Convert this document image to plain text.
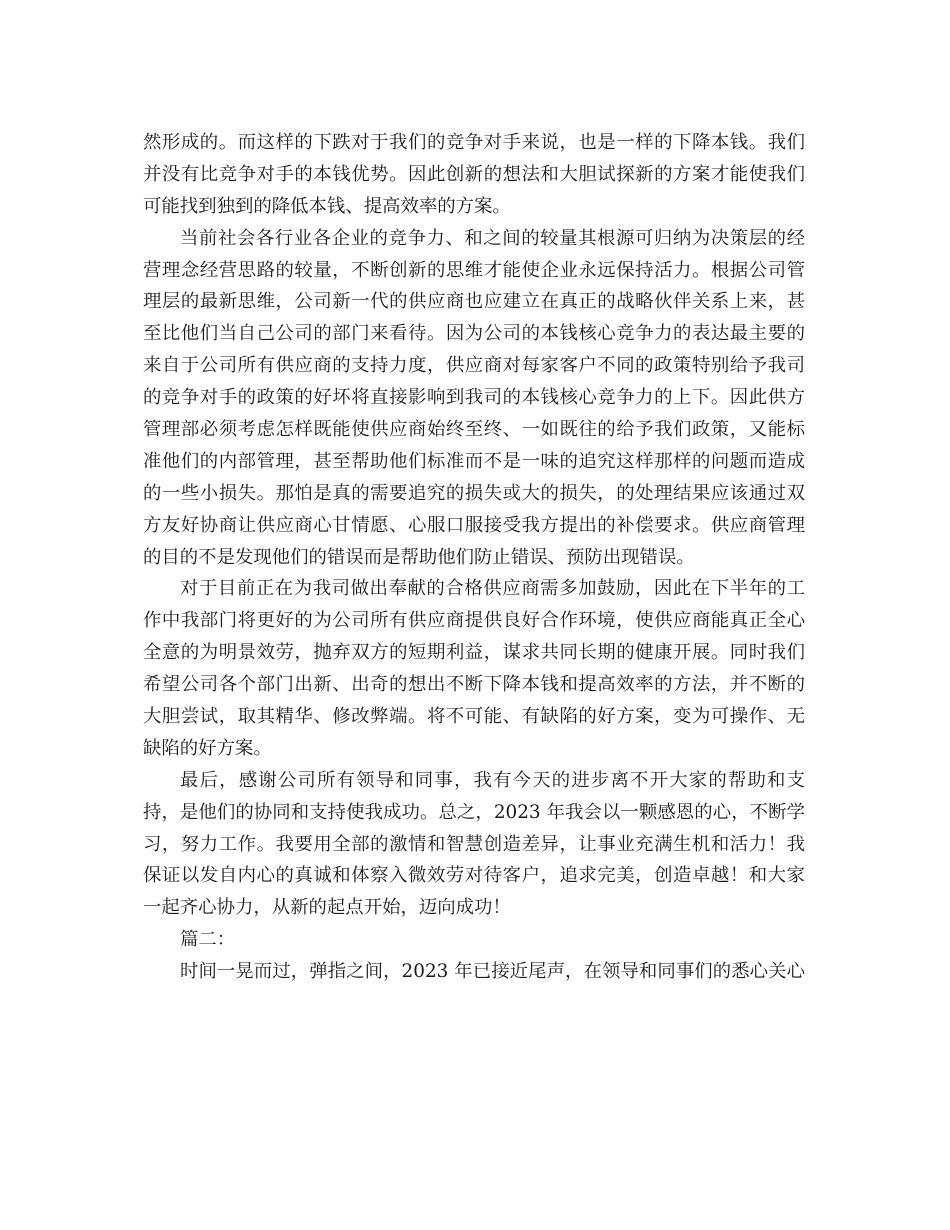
然形成的。而这样的下跌对于我们的竞争对手来说，也是一样的下降本钱。我们
并没有比竞争对手的本钱优势。因此创新的想法和大胆试探新的方案才能使我们
可能找到独到的降低本钱、提高效率的方案。
当前社会各行业各企业的竞争力、和之间的较量其根源可归纳为决策层的经
营理念经营思路的较量，不断创新的思维才能使企业永远保持活力。根据公司管
理层的最新思维，公司新一代的供应商也应建立在真正的战略伙伴关系上来，甚
至比他们当自己公司的部门来看待。因为公司的本钱核心竞争力的表达最主要的
来自于公司所有供应商的支持力度，供应商对每家客户不同的政策特别给予我司
的竞争对手的政策的好坏将直接影响到我司的本钱核心竞争力的上下。因此供方
管理部必须考虑怎样既能使供应商始终至终、一如既往的给予我们政策，又能标
准他们的内部管理，甚至帮助他们标准而不是一味的追究这样那样的问题而造成
的一些小损失。那怕是真的需要追究的损失或大的损失，的处理结果应该通过双
方友好协商让供应商心甘情愿、心服口服接受我方提出的补偿要求。供应商管理
的目的不是发现他们的错误而是帮助他们防止错误、预防出现错误。
对于目前正在为我司做出奉献的合格供应商需多加鼓励，因此在下半年的工
作中我部门将更好的为公司所有供应商提供良好合作环境，使供应商能真正全心
全意的为明景效劳，抛弃双方的短期利益，谋求共同长期的健康开展。同时我们
希望公司各个部门出新、出奇的想出不断下降本钱和提高效率的方法，并不断的
大胆尝试，取其精华、修改弊端。将不可能、有缺陷的好方案，变为可操作、无
缺陷的好方案。
最后，感谢公司所有领导和同事，我有今天的进步离不开大家的帮助和支
持，是他们的协同和支持使我成功。总之，2023 年我会以一颗感恩的心，不断学
习，努力工作。我要用全部的激情和智慧创造差异，让事业充满生机和活力！我
保证以发自内心的真诚和体察入微效劳对待客户，追求完美，创造卓越！和大家
一起齐心协力，从新的起点开始，迈向成功！
篇二：
时间一晃而过，弹指之间，2023 年已接近尾声，在领导和同事们的悉心关心
